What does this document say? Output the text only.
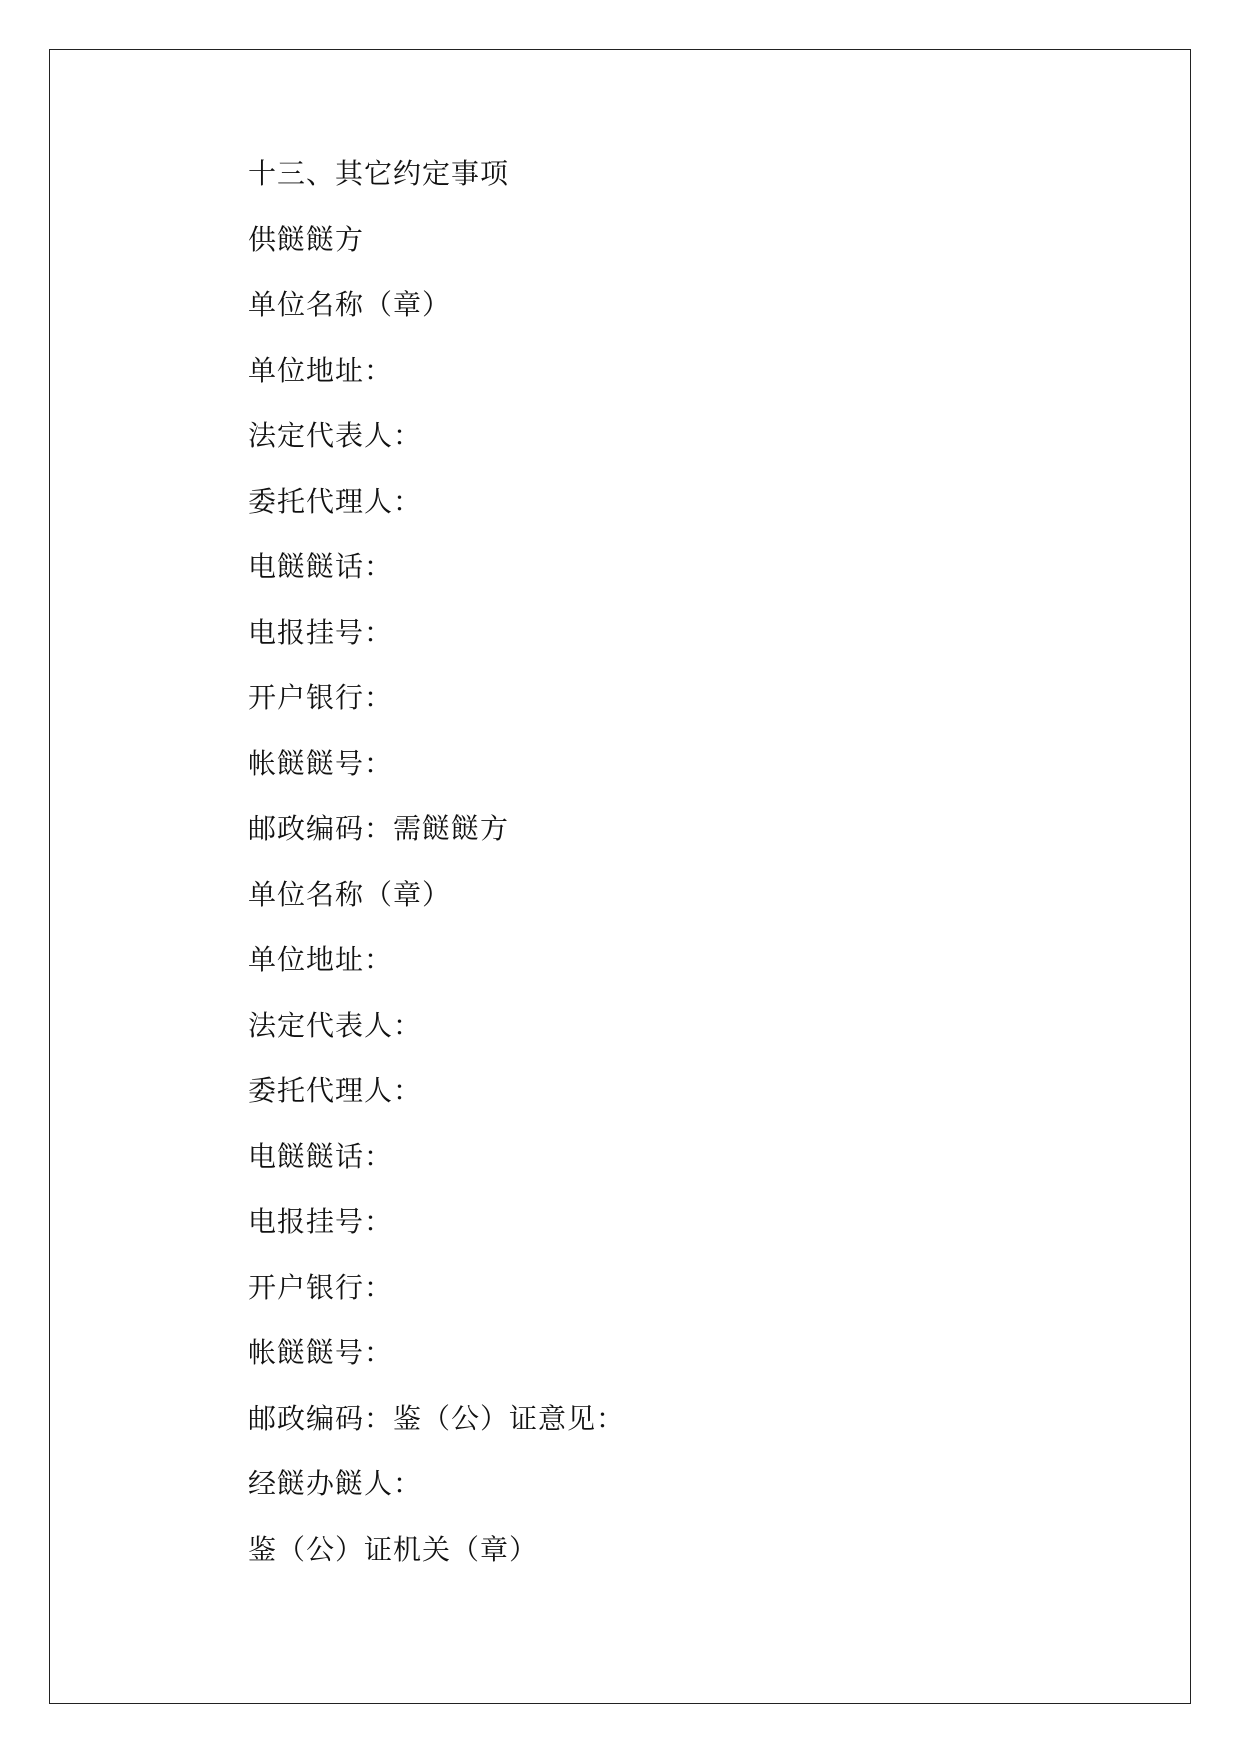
十三、其它约定事项
供餸餸方
单位名称（章）
单位地址：
法定代表人：
委托代理人：
电餸餸话：
电报挂号：
开户银行：
帐餸餸号：
邮政编码：需餸餸方
单位名称（章）
单位地址：
法定代表人：
委托代理人：
电餸餸话：
电报挂号：
开户银行：
帐餸餸号：
邮政编码：鉴（公）证意见：
经餸办餸人：
鉴（公）证机关（章）
